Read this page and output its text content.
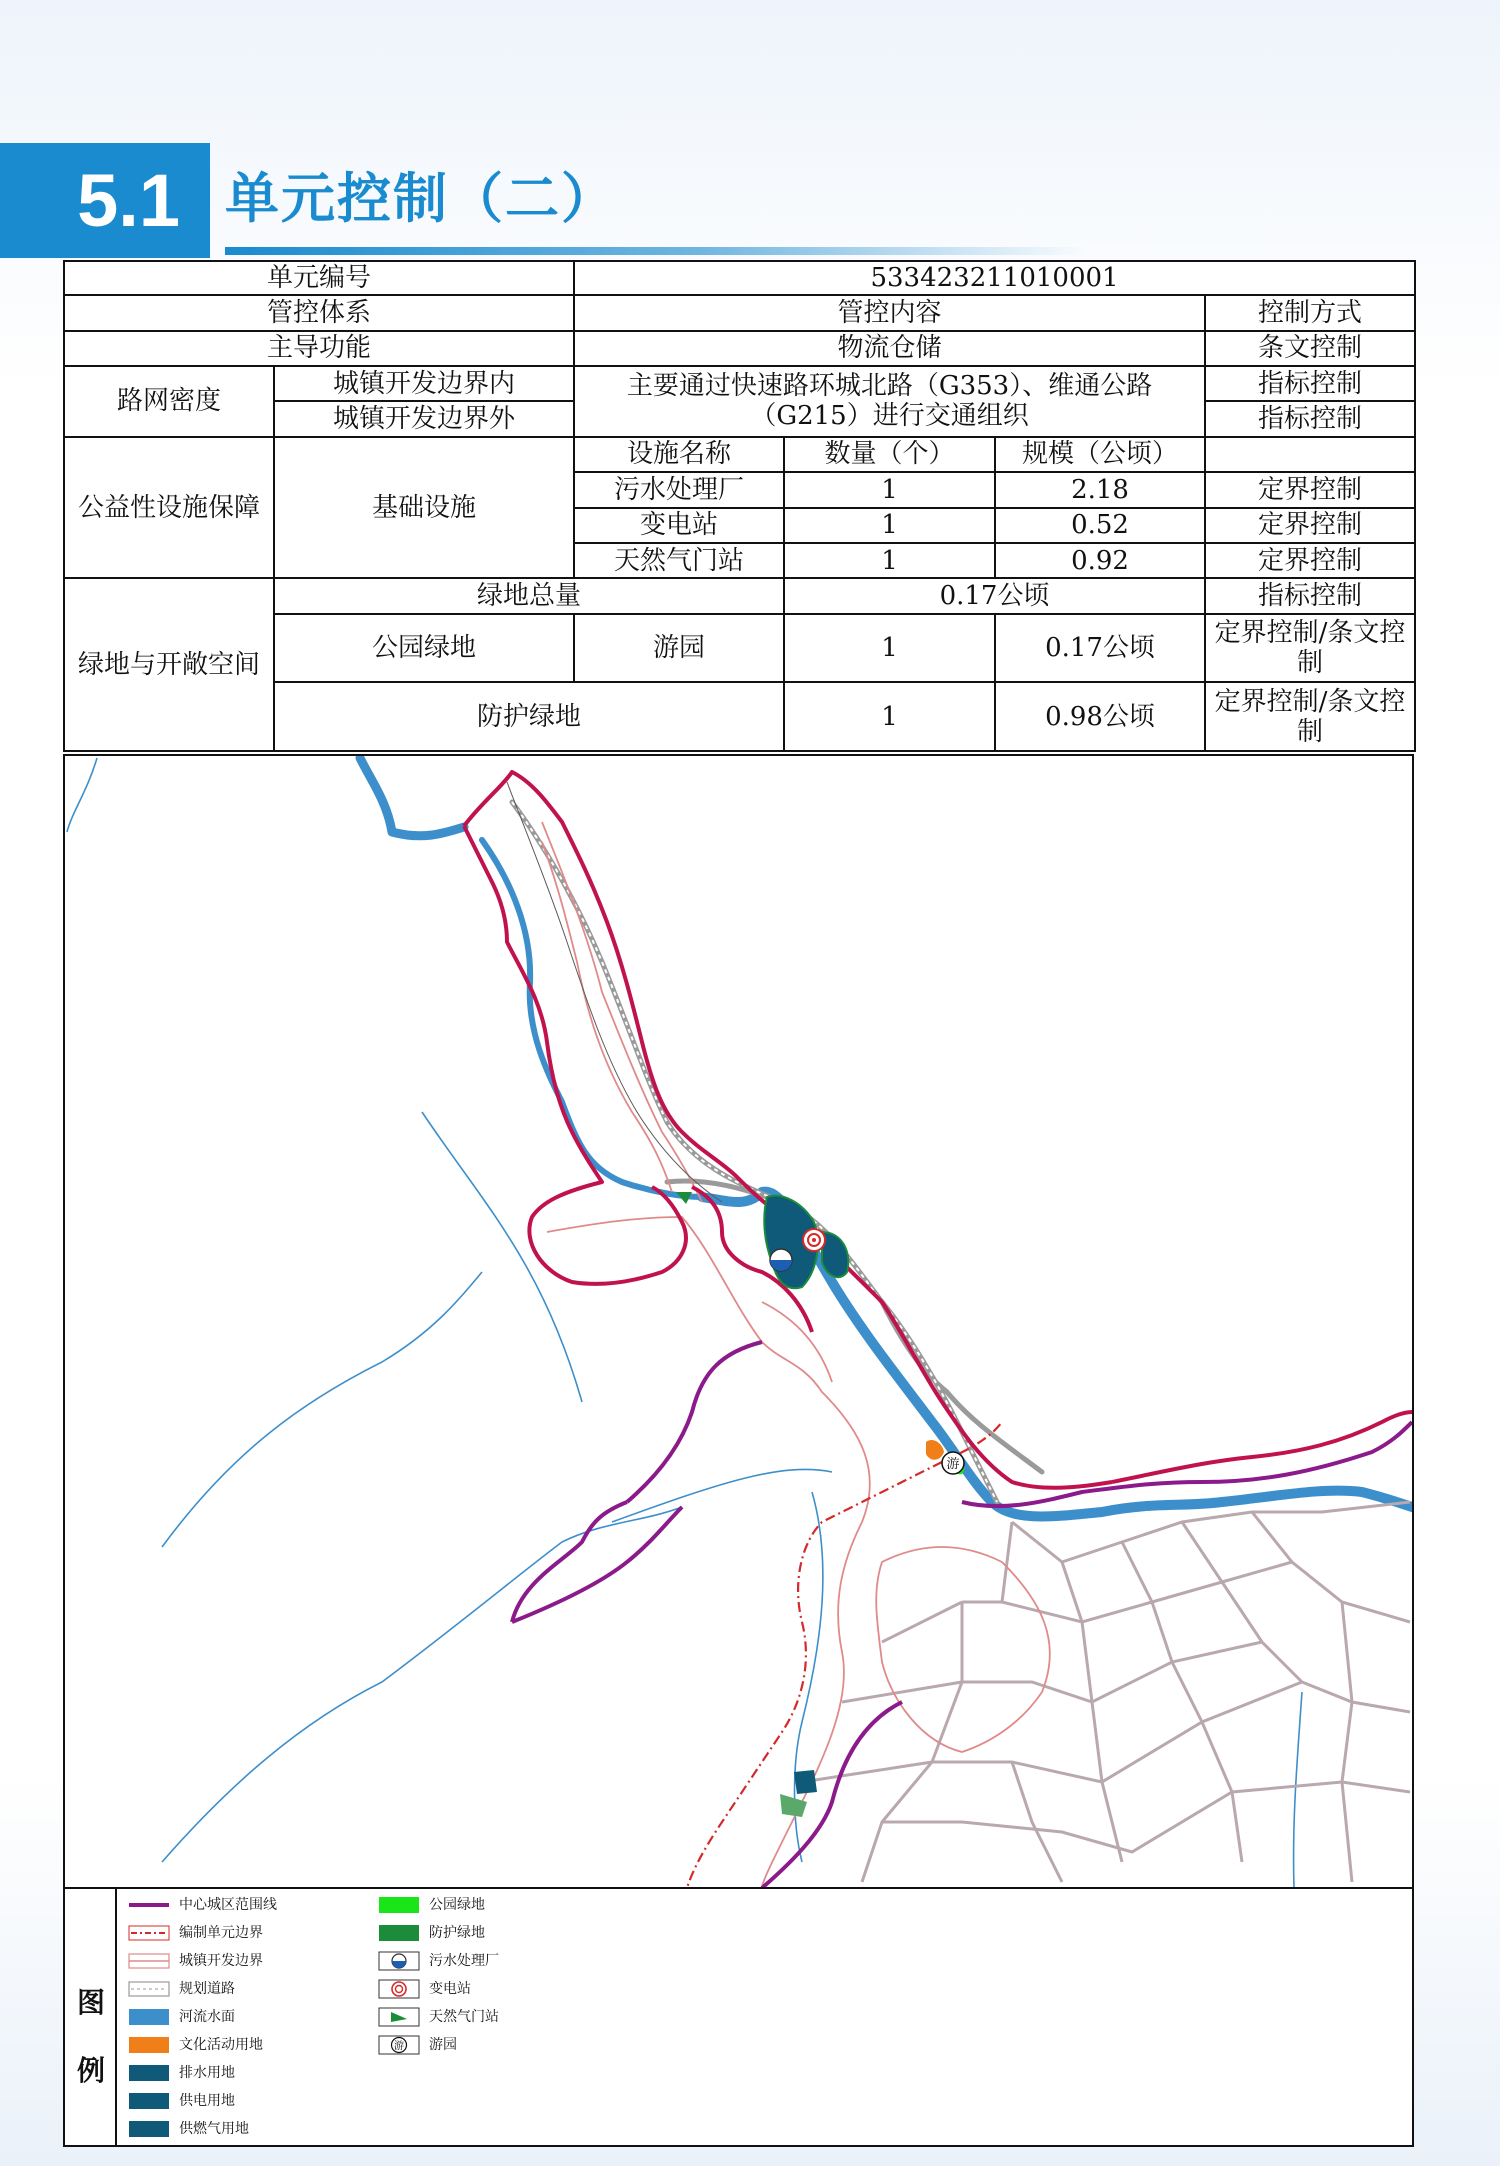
5.1 单元控制（二）
单元编号		533423211010001			
管控体系		管控内容			控制方式
主导功能		物流仓储			条文控制
路网密度	城镇开发边界内	主要通过快速路环城北路（G353）、维通公路（G215）进行交通组织			指标控制
	城镇开发边界外				指标控制
公益性设施保障	基础设施	设施名称	数量（个）	规模（公顷）	
		污水处理厂	1	2.18	定界控制
		变电站	1	0.52	定界控制
		天然气门站	1	0.92	定界控制
绿地与开敞空间	绿地总量		0.17公顷		指标控制
	公园绿地	游园	1	0.17公顷	定界控制/条文控制
	防护绿地		1	0.98公顷	定界控制/条文控制
游
图
例
中心城区范围线
编制单元边界
城镇开发边界
规划道路
河流水面
文化活动用地
排水用地
供电用地
供燃气用地
公园绿地
防护绿地
污水处理厂
变电站
天然气门站
游 游园
